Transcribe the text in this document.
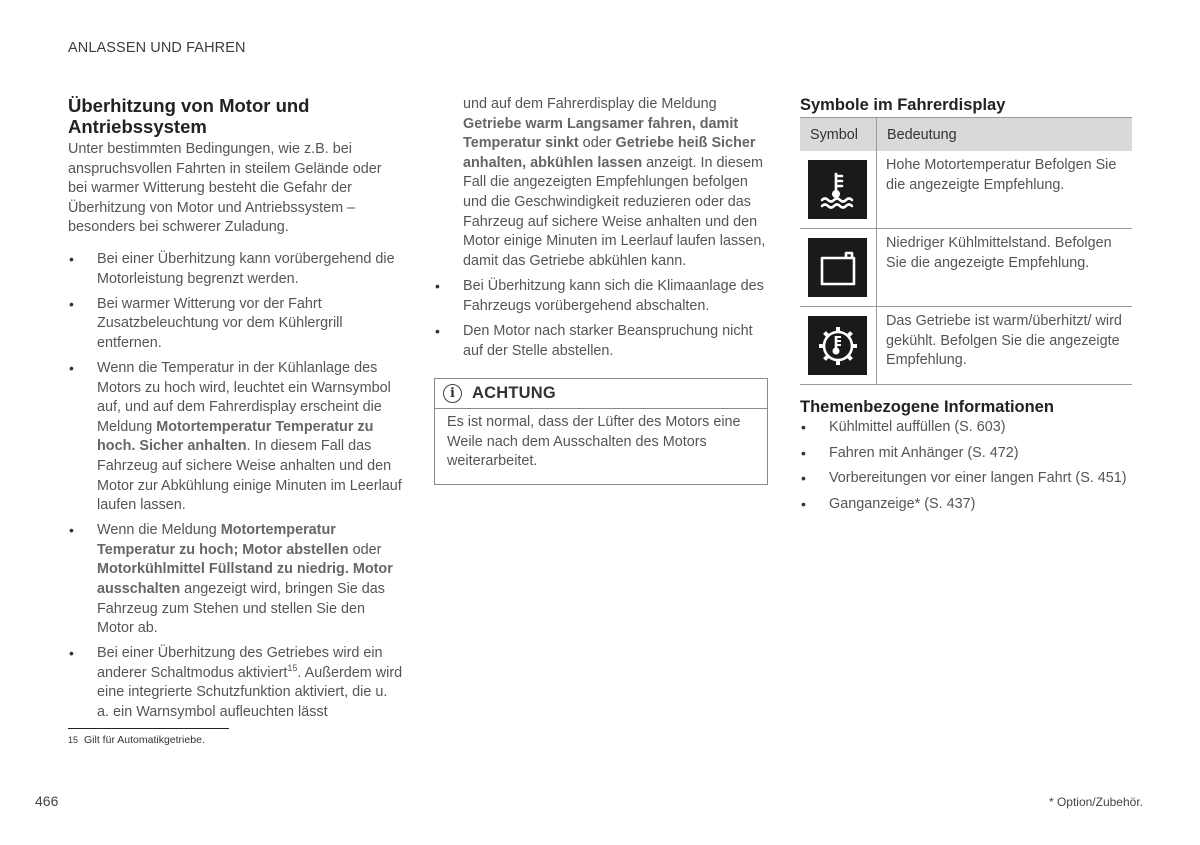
ANLASSEN UND FAHREN
Überhitzung von Motor und Antriebssystem

Unter bestimmten Bedingungen, wie z.B. bei anspruchsvollen Fahrten in steilem Gelände oder bei warmer Witterung besteht die Gefahr der Überhitzung von Motor und Antriebssystem – besonders bei schwerer Zuladung.

• Bei einer Überhitzung kann vorübergehend die Motorleistung begrenzt werden.
• Bei warmer Witterung vor der Fahrt Zusatzbeleuchtung vor dem Kühlergrill entfernen.
• Wenn die Temperatur in der Kühlanlage des Motors zu hoch wird, leuchtet ein Warnsymbol auf, und auf dem Fahrerdisplay erscheint die Meldung Motortemperatur Temperatur zu hoch. Sicher anhalten. In diesem Fall das Fahrzeug auf sichere Weise anhalten und den Motor zur Abkühlung einige Minuten im Leerlauf laufen lassen.
• Wenn die Meldung Motortemperatur Temperatur zu hoch; Motor abstellen oder Motorkühlmittel Füllstand zu niedrig. Motor ausschalten angezeigt wird, bringen Sie das Fahrzeug zum Stehen und stellen Sie den Motor ab.
• Bei einer Überhitzung des Getriebes wird ein anderer Schaltmodus aktiviert$^{15}$. Außerdem wird eine integrierte Schutzfunktion aktiviert, die u. a. ein Warnsymbol aufleuchten lässt

und auf dem Fahrerdisplay die Meldung Getriebe warm Langsamer fahren, damit Temperatur sinkt oder Getriebe heiß Sicher anhalten, abkühlen lassen anzeigt. In diesem Fall die angezeigten Empfehlungen befolgen und die Geschwindigkeit reduzieren oder das Fahrzeug auf sichere Weise anhalten und den Motor einige Minuten im Leerlauf laufen lassen, damit das Getriebe abkühlen kann.

• Bei Überhitzung kann sich die Klimaanlage des Fahrzeugs vorübergehend abschalten.
• Den Motor nach starker Beanspruchung nicht auf der Stelle abstellen.
i	ACHTUNG
Es ist normal, dass der Lüfter des Motors eine Weile nach dem Ausschalten des Motors weiterarbeitet.
Symbole im Fahrerdisplay
Symbol	Bedeutung

	Hohe Motortemperatur Befolgen Sie die angezeigte Empfehlung.

	Niedriger Kühlmittelstand. Befolgen Sie die angezeigte Empfehlung.

	Das Getriebe ist warm/überhitzt/ wird gekühlt. Befolgen Sie die angezeigte Empfehlung.
Themenbezogene Informationen
• Kühlmittel auffüllen (S. 603)
• Fahren mit Anhänger (S. 472)
• Vorbereitungen vor einer langen Fahrt (S. 451)
• Ganganzeige* (S. 437)
15 Gilt für Automatikgetriebe.
466	* Option/Zubehör.
